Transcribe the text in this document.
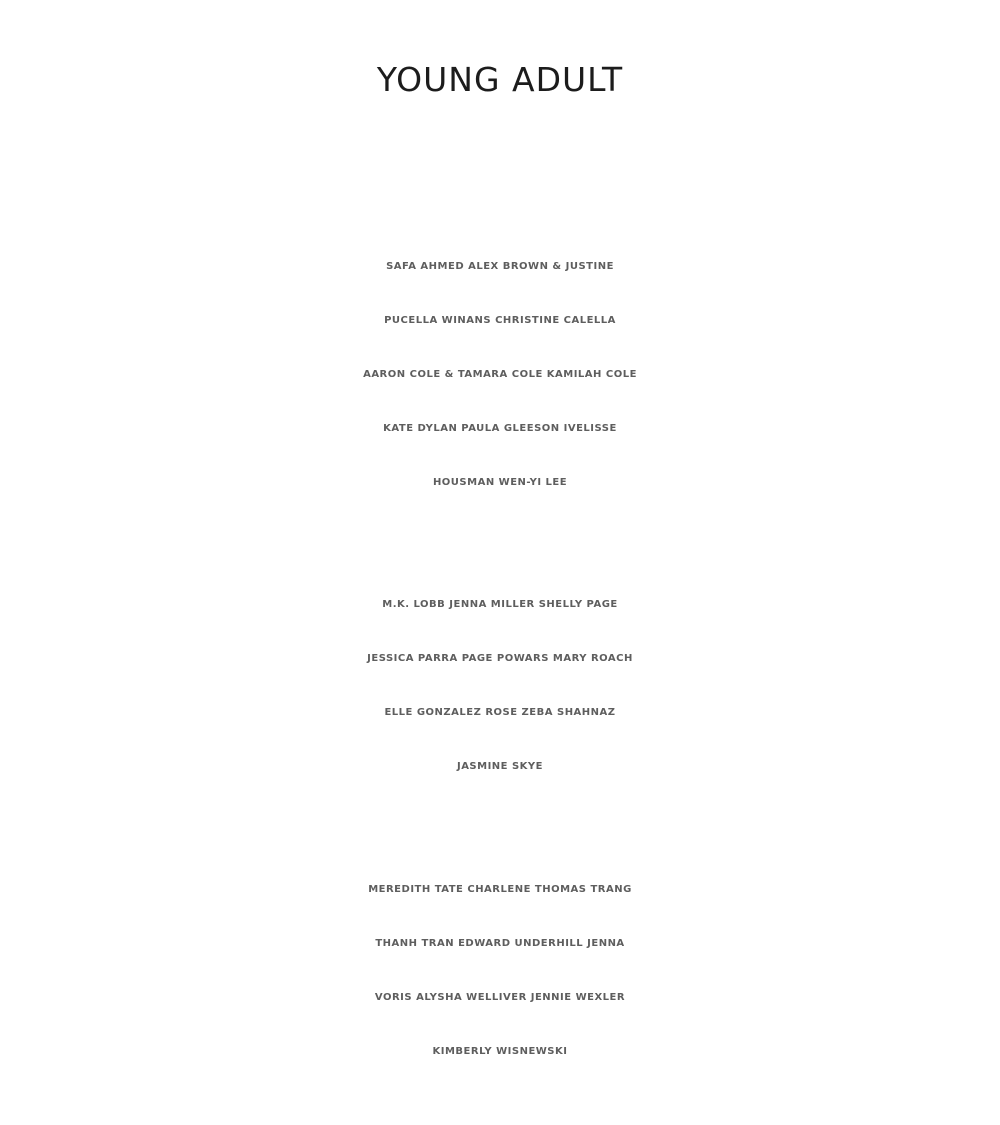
YOUNG ADULT

SAFA AHMED ALEX BROWN & JUSTINE
PUCELLA WINANS CHRISTINE CALELLA
AARON COLE & TAMARA COLE KAMILAH COLE
KATE DYLAN PAULA GLEESON IVELISSE
HOUSMAN WEN-YI LEE

M.K. LOBB JENNA MILLER SHELLY PAGE
JESSICA PARRA PAGE POWARS MARY ROACH
ELLE GONZALEZ ROSE ZEBA SHAHNAZ
JASMINE SKYE

MEREDITH TATE CHARLENE THOMAS TRANG
THANH TRAN EDWARD UNDERHILL JENNA
VORIS ALYSHA WELLIVER JENNIE WEXLER
KIMBERLY WISNEWSKI
